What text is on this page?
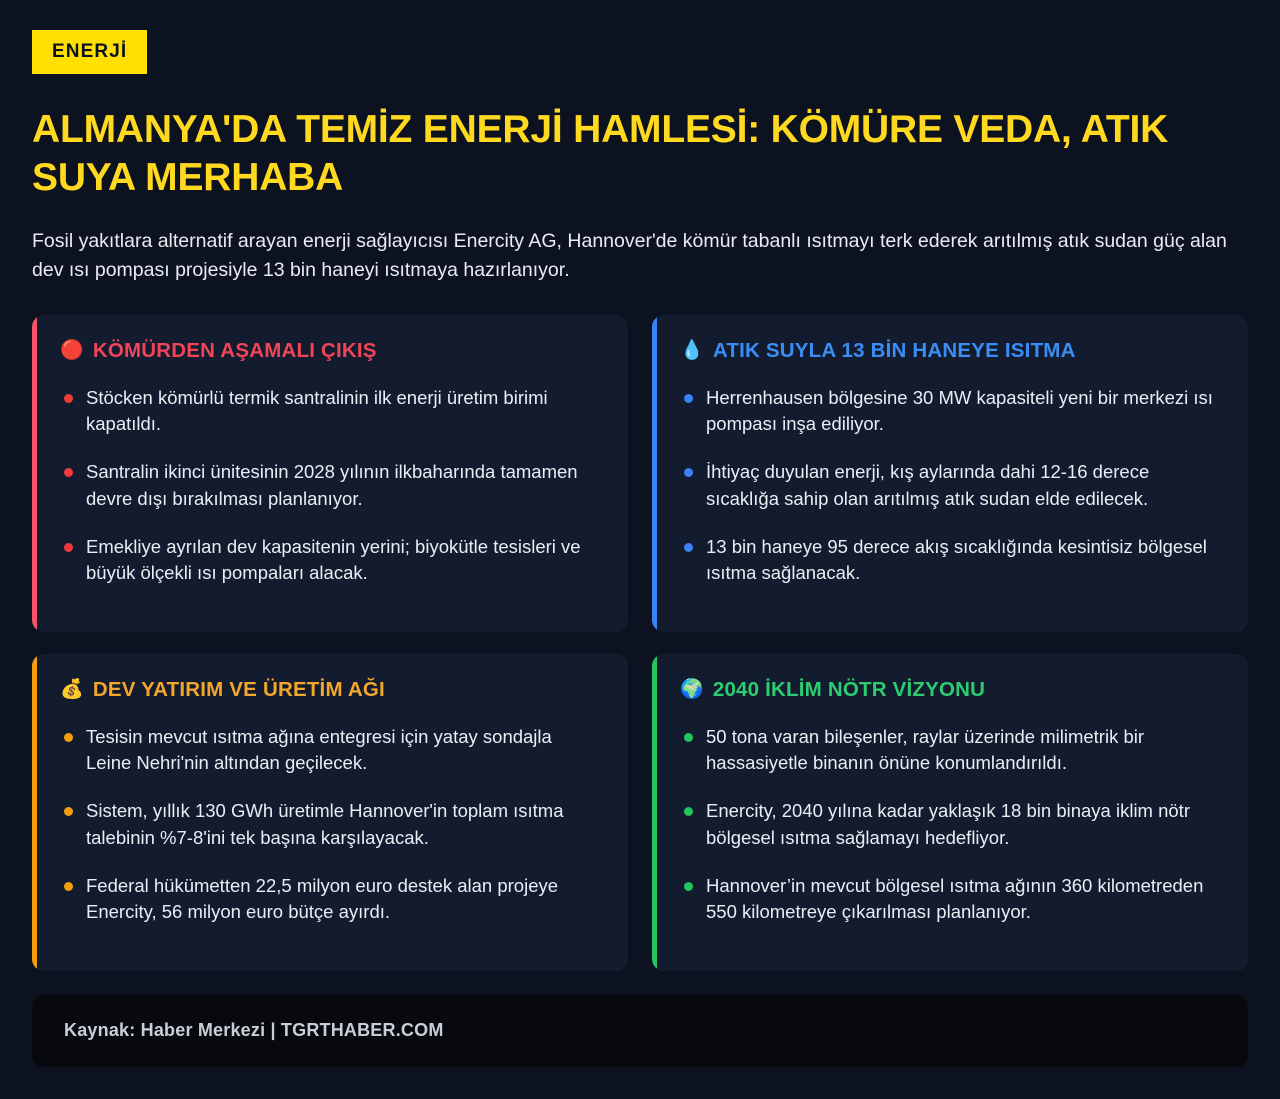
ENERJİ
ALMANYA'DA TEMİZ ENERJİ HAMLESİ: KÖMÜRE VEDA, ATIK SUYA MERHABA

Fosil yakıtlara alternatif arayan enerji sağlayıcısı Enercity AG, Hannover'de kömür tabanlı ısıtmayı terk ederek arıtılmış atık sudan güç alan dev ısı pompası projesiyle 13 bin haneyi ısıtmaya hazırlanıyor.

🔴 KÖMÜRDEN AŞAMALI ÇIKIŞ
Stöcken kömürlü termik santralinin ilk enerji üretim birimi kapatıldı.
Santralin ikinci ünitesinin 2028 yılının ilkbaharında tamamen devre dışı bırakılması planlanıyor.
Emekliye ayrılan dev kapasitenin yerini; biyokütle tesisleri ve büyük ölçekli ısı pompaları alacak.
💧 ATIK SUYLA 13 BİN HANEYE ISITMA
Herrenhausen bölgesine 30 MW kapasiteli yeni bir merkezi ısı pompası inşa ediliyor.
İhtiyaç duyulan enerji, kış aylarında dahi 12-16 derece sıcaklığa sahip olan arıtılmış atık sudan elde edilecek.
13 bin haneye 95 derece akış sıcaklığında kesintisiz bölgesel ısıtma sağlanacak.
💰 DEV YATIRIM VE ÜRETİM AĞI
Tesisin mevcut ısıtma ağına entegresi için yatay sondajla Leine Nehri'nin altından geçilecek.
Sistem, yıllık 130 GWh üretimle Hannover'in toplam ısıtma talebinin %7-8'ini tek başına karşılayacak.
Federal hükümetten 22,5 milyon euro destek alan projeye Enercity, 56 milyon euro bütçe ayırdı.
🌍 2040 İKLİM NÖTR VİZYONU
50 tona varan bileşenler, raylar üzerinde milimetrik bir hassasiyetle binanın önüne konumlandırıldı.
Enercity, 2040 yılına kadar yaklaşık 18 bin binaya iklim nötr bölgesel ısıtma sağlamayı hedefliyor.
Hannover’in mevcut bölgesel ısıtma ağının 360 kilometreden 550 kilometreye çıkarılması planlanıyor.
Kaynak: Haber Merkezi | TGRTHABER.COM
